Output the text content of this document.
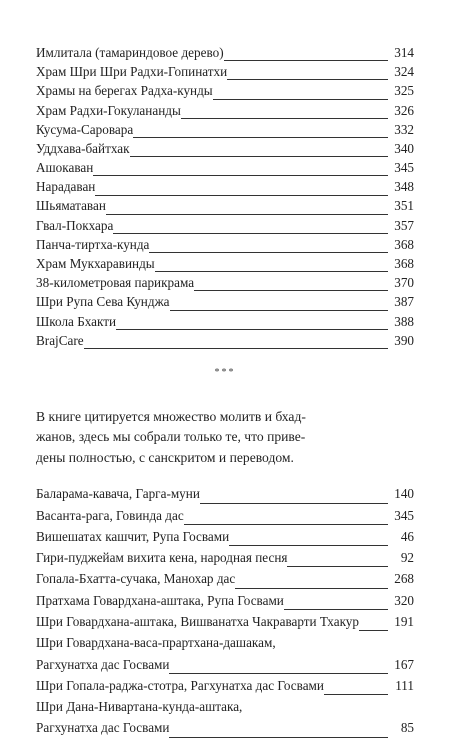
Имлитала (тамариндовое дерево)	314
Храм Шри Шри Радхи-Гопинатхи	324
Храмы на берегах Радха-кунды	325
Храм Радхи-Гокулананды	326
Кусума-Саровара	332
Уддхава-байтхак	340
Ашокаван	345
Нарадаван	348
Шьяматаван	351
Гвал-Покхара	357
Панча-тиртха-кунда	368
Храм Мукхаравинды	368
38-километровая парикрама	370
Шри Рупа Сева Кунджа	387
Школа Бхакти	388
BrajCare	390
***
В книге цитируется множество молитв и бхад-
жанов, здесь мы собрали только те, что приве-
дены полностью, с санскритом и переводом.
Баларама-кавача, Гарга-муни	140
Васанта-рага, Говинда дас	345
Вишешатах кашчит, Рупа Госвами	46
Гири-пуджейам вихита кена, народная песня	92
Гопала-Бхатта-сучака, Манохар дас	268
Пратхама Говардхана-аштака, Рупа Госвами	320
Шри Говардхана-аштака, Вишванатха Чакраварти Тхакур	191
Шри Говардхана-васа-прартхана-дашакам,
Рагхунатха дас Госвами	167
Шри Гопала-раджа-стотра, Рагхунатха дас Госвами	111
Шри Дана-Нивартана-кунда-аштака,
Рагхунатха дас Госвами	85
